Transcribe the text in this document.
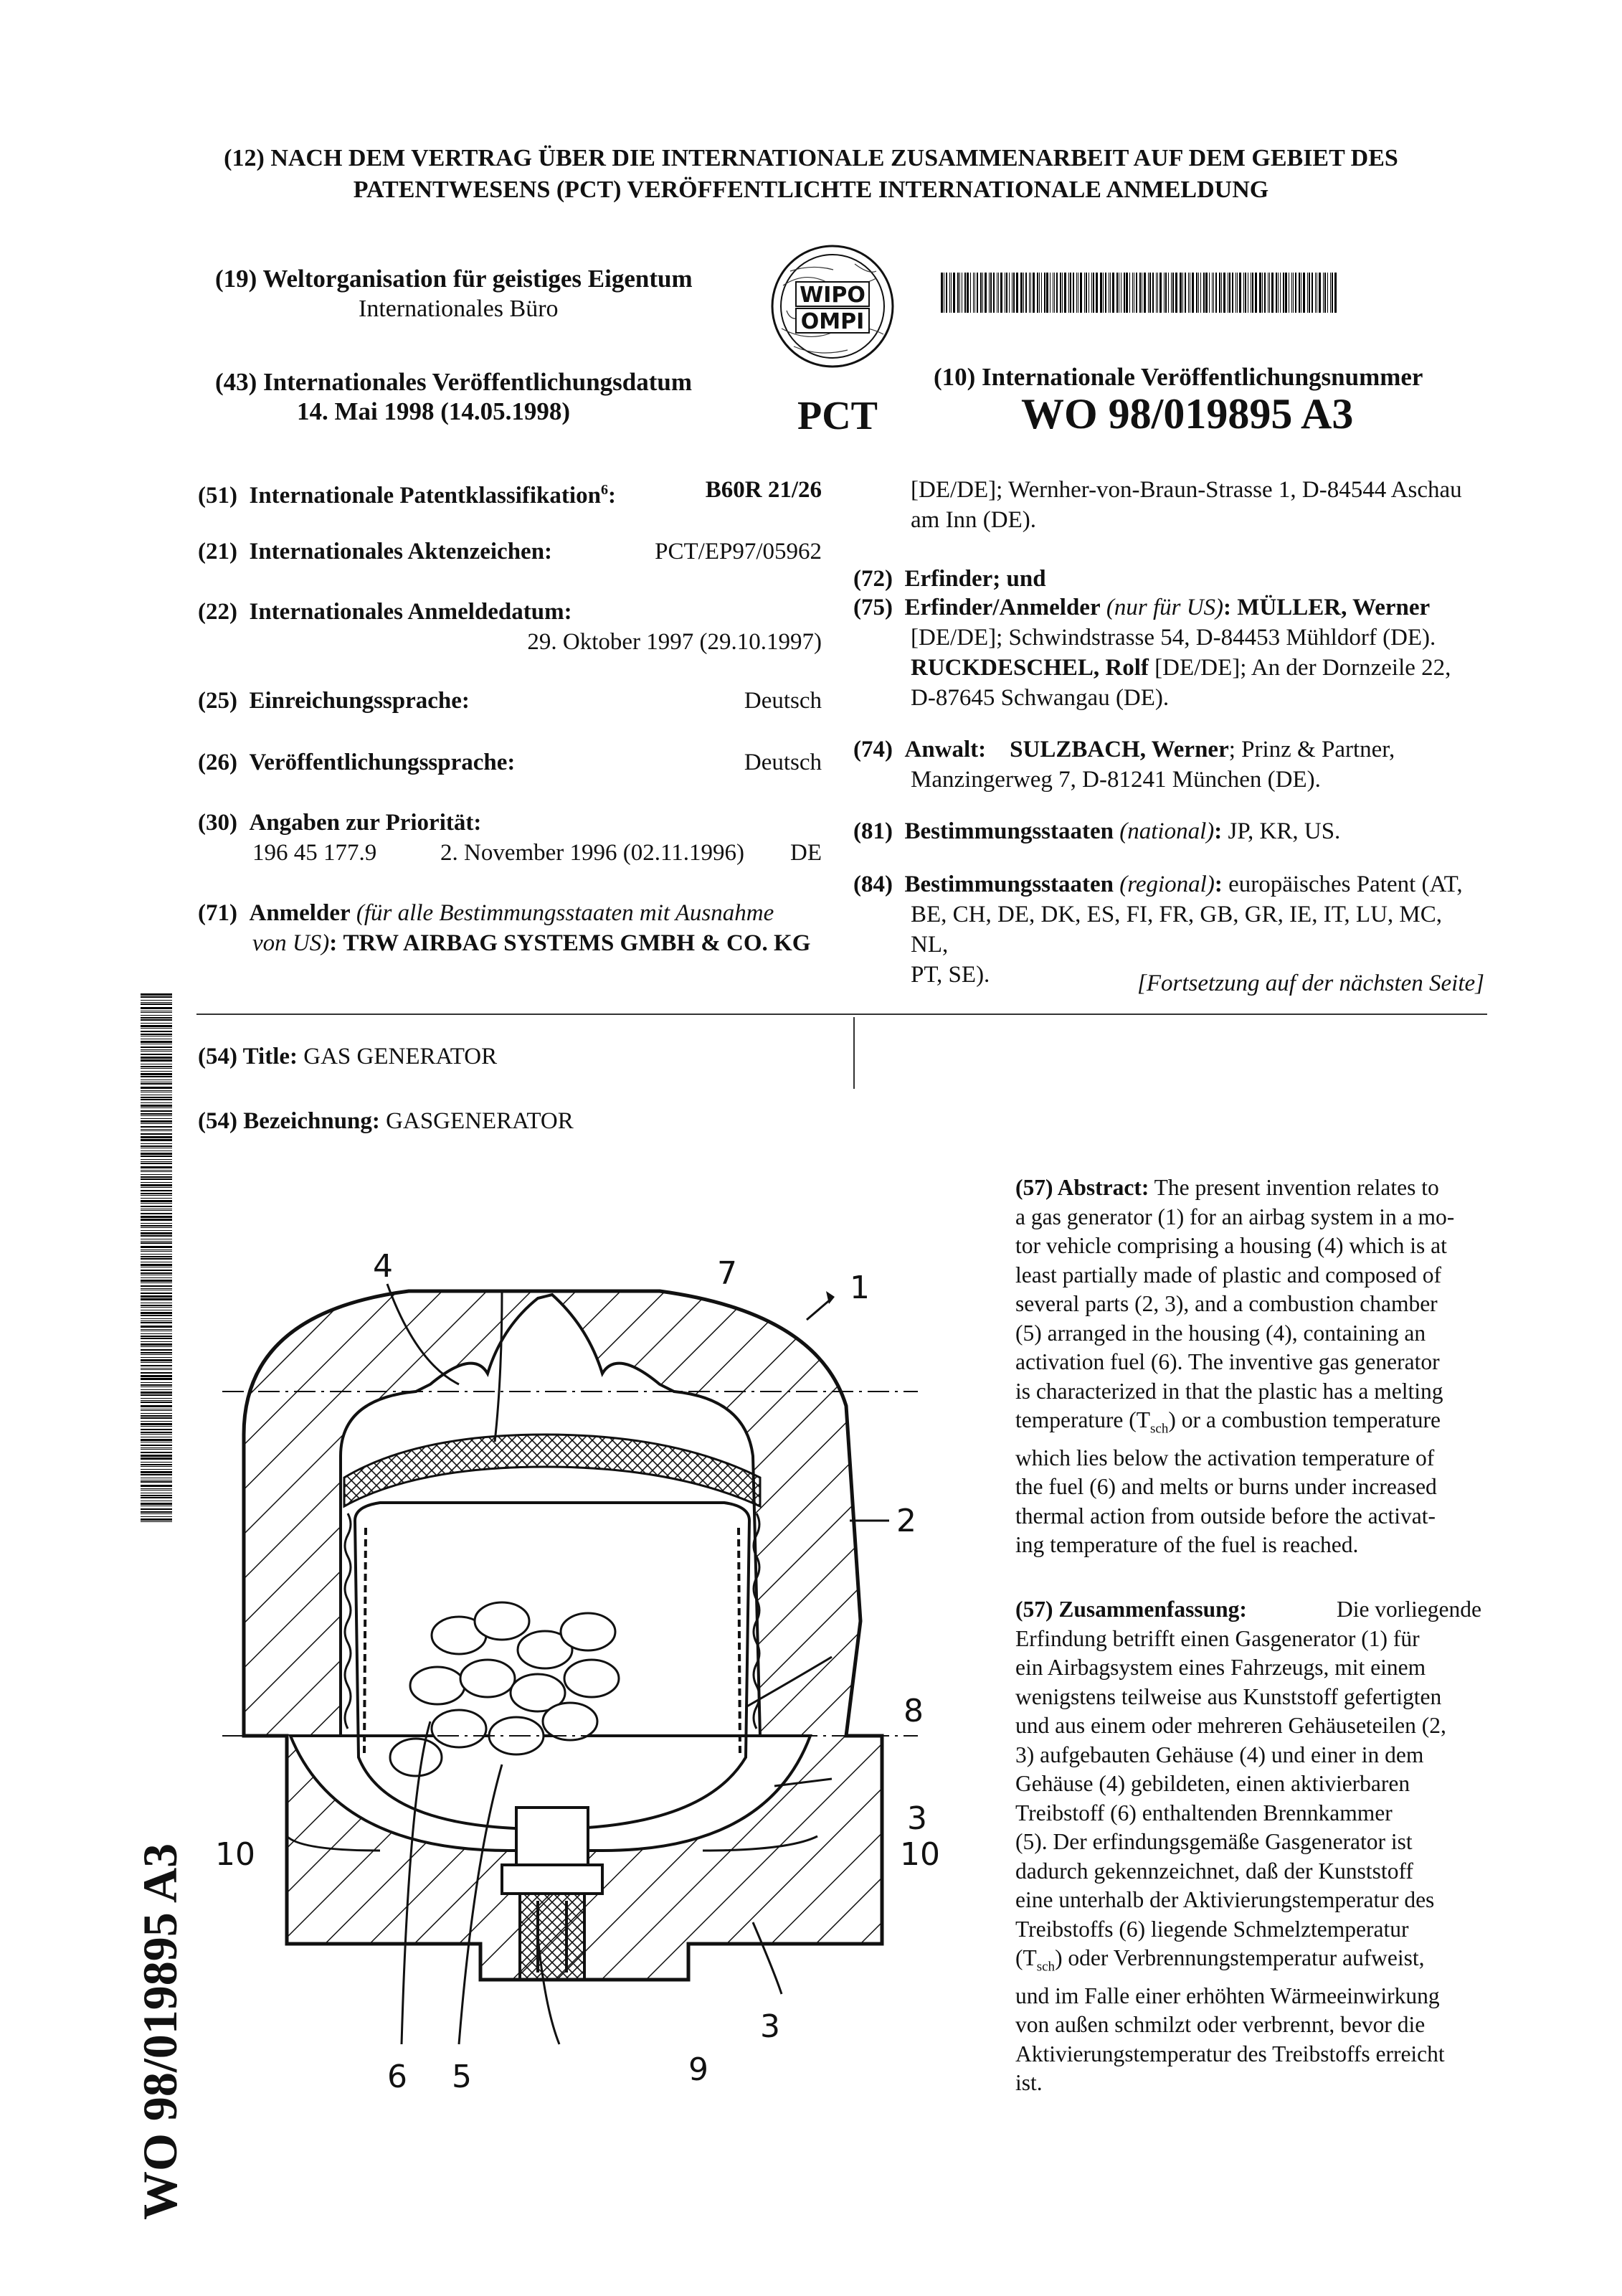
(12) NACH DEM VERTRAG ÜBER DIE INTERNATIONALE ZUSAMMENARBEIT AUF DEM GEBIET DES
PATENTWESENS (PCT) VERÖFFENTLICHTE INTERNATIONALE ANMELDUNG
(19) Weltorganisation für geistiges Eigentum
Internationales Büro
WIPO
OMPI
(43) Internationales Veröffentlichungsdatum
14. Mai 1998 (14.05.1998)	PCT
(10) Internationale Veröffentlichungsnummer
WO 98/019895 A3
(51) Internationale Patentklassifikation$^6$:	B60R 21/26
(21) Internationales Aktenzeichen:	PCT/EP97/05962
(22) Internationales Anmeldedatum:
29. Oktober 1997 (29.10.1997)
(25) Einreichungssprache:	Deutsch
(26) Veröffentlichungssprache:	Deutsch
(30) Angaben zur Priorität:
196 45 177.9	2. November 1996 (02.11.1996) DE
(71) Anmelder (für alle Bestimmungsstaaten mit Ausnahme
von US): TRW AIRBAG SYSTEMS GMBH & CO. KG
[DE/DE]; Wernher-von-Braun-Strasse 1, D-84544 Aschau
am Inn (DE).
(72) Erfinder; und
(75) Erfinder/Anmelder (nur für US): MÜLLER, Werner
[DE/DE]; Schwindstrasse 54, D-84453 Mühldorf (DE).
RUCKDESCHEL, Rolf [DE/DE]; An der Dornzeile 22,
D-87645 Schwangau (DE).
(74) Anwalt: SULZBACH, Werner; Prinz & Partner,
Manzingerweg 7, D-81241 München (DE).
(81) Bestimmungsstaaten (national): JP, KR, US.
(84) Bestimmungsstaaten (regional): europäisches Patent (AT,
BE, CH, DE, DK, ES, FI, FR, GB, GR, IE, IT, LU, MC, NL,
PT, SE).	[Fortsetzung auf der nächsten Seite]
(54) Title: GAS GENERATOR
(54) Bezeichnung: GASGENERATOR
WO 98/019895 A3
(57) Abstract: The present invention relates to
a gas generator (1) for an airbag system in a mo-
tor vehicle comprising a housing (4) which is at
least partially made of plastic and composed of
several parts (2, 3), and a combustion chamber
(5) arranged in the housing (4), containing an
activation fuel (6). The inventive gas generator
is characterized in that the plastic has a melting
temperature $(T_{sch})$ or a combustion temperature
which lies below the activation temperature of
the fuel (6) and melts or burns under increased
thermal action from outside before the activat-
ing temperature of the fuel is reached.
(57) Zusammenfassung:	Die vorliegende
Erfindung betrifft einen Gasgenerator (1) für
ein Airbagsystem eines Fahrzeugs, mit einem
wenigstens teilweise aus Kunststoff gefertigten
und aus einem oder mehreren Gehäuseteilen (2,
3) aufgebauten Gehäuse (4) und einer in dem
Gehäuse (4) gebildeten, einen aktivierbaren
Treibstoff (6) enthaltenden Brennkammer
(5). Der erfindungsgemäße Gasgenerator ist
dadurch gekennzeichnet, daß der Kunststoff
eine unterhalb der Aktivierungstemperatur des
Treibstoffs (6) liegende Schmelztemperatur
$(T_{sch})$ oder Verbrennungstemperatur aufweist,
und im Falle einer erhöhten Wärmeeinwirkung
von außen schmilzt oder verbrennt, bevor die
Aktivierungstemperatur des Treibstoffs erreicht
ist.
4	7	1
2
8
3
10	10
3
6 5	9
